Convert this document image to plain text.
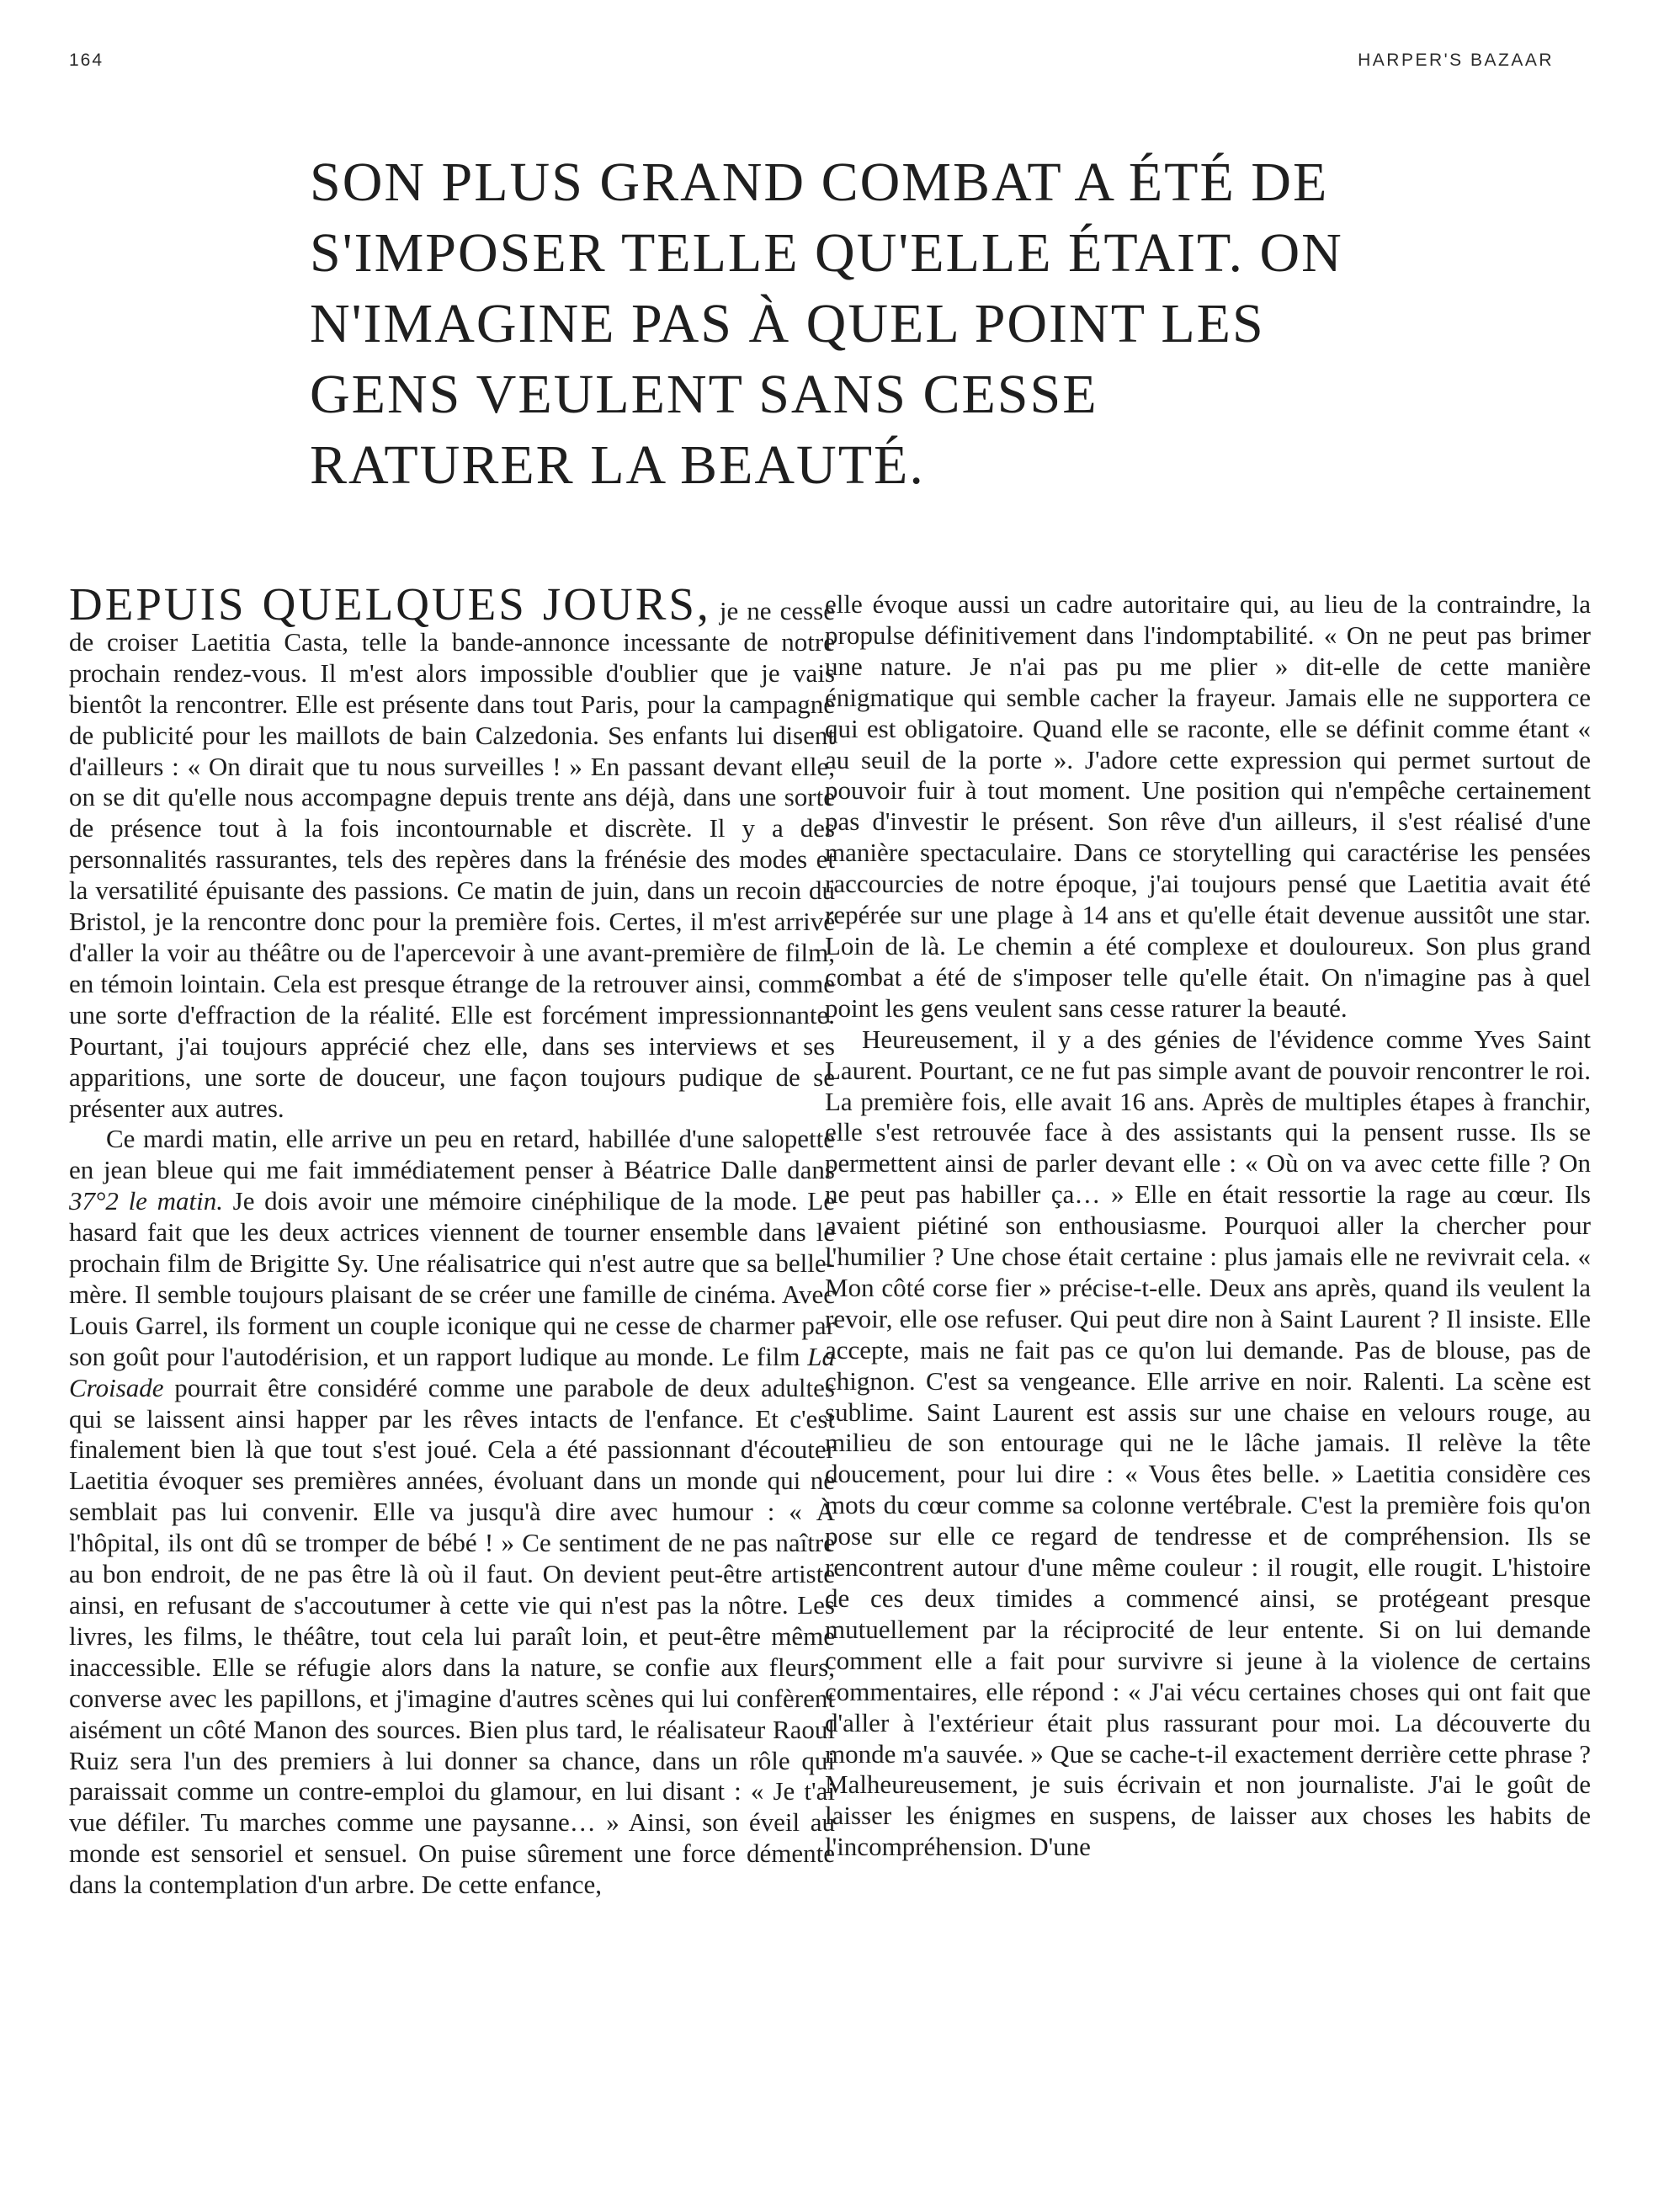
164	HARPER'S BAZAAR
SON PLUS GRAND COMBAT A ÉTÉ DE S'IMPOSER TELLE QU'ELLE ÉTAIT. ON N'IMAGINE PAS À QUEL POINT LES GENS VEULENT SANS CESSE RATURER LA BEAUTÉ.

DEPUIS QUELQUES JOURS, je ne cesse de croiser Laetitia Casta, telle la bande-annonce incessante de notre prochain rendez-vous. Il m'est alors impossible d'oublier que je vais bientôt la rencontrer. Elle est présente dans tout Paris, pour la campagne de publicité pour les maillots de bain Calzedonia. Ses enfants lui disent d'ailleurs : « On dirait que tu nous surveilles ! » En passant devant elle, on se dit qu'elle nous accompagne depuis trente ans déjà, dans une sorte de présence tout à la fois incontournable et discrète. Il y a des personnalités rassurantes, tels des repères dans la frénésie des modes et la versatilité épuisante des passions. Ce matin de juin, dans un recoin du Bristol, je la rencontre donc pour la première fois. Certes, il m'est arrivé d'aller la voir au théâtre ou de l'apercevoir à une avant-première de film, en témoin lointain. Cela est presque étrange de la retrouver ainsi, comme une sorte d'effraction de la réalité. Elle est forcément impressionnante. Pourtant, j'ai toujours apprécié chez elle, dans ses interviews et ses apparitions, une sorte de douceur, une façon toujours pudique de se présenter aux autres.

Ce mardi matin, elle arrive un peu en retard, habillée d'une salopette en jean bleue qui me fait immédiatement penser à Béatrice Dalle dans 37°2 le matin. Je dois avoir une mémoire cinéphilique de la mode. Le hasard fait que les deux actrices viennent de tourner ensemble dans le prochain film de Brigitte Sy. Une réalisatrice qui n'est autre que sa belle-mère. Il semble toujours plaisant de se créer une famille de cinéma. Avec Louis Garrel, ils forment un couple iconique qui ne cesse de charmer par son goût pour l'autodérision, et un rapport ludique au monde. Le film La Croisade pourrait être considéré comme une parabole de deux adultes qui se laissent ainsi happer par les rêves intacts de l'enfance. Et c'est finalement bien là que tout s'est joué. Cela a été passionnant d'écouter Laetitia évoquer ses premières années, évoluant dans un monde qui ne semblait pas lui convenir. Elle va jusqu'à dire avec humour : « À l'hôpital, ils ont dû se tromper de bébé ! » Ce sentiment de ne pas naître au bon endroit, de ne pas être là où il faut. On devient peut-être artiste ainsi, en refusant de s'accoutumer à cette vie qui n'est pas la nôtre. Les livres, les films, le théâtre, tout cela lui paraît loin, et peut-être même inaccessible. Elle se réfugie alors dans la nature, se confie aux fleurs, converse avec les papillons, et j'imagine d'autres scènes qui lui confèrent aisément un côté Manon des sources. Bien plus tard, le réalisateur Raoul Ruiz sera l'un des premiers à lui donner sa chance, dans un rôle qui paraissait comme un contre-emploi du glamour, en lui disant : « Je t'ai vue défiler. Tu marches comme une paysanne… » Ainsi, son éveil au monde est sensoriel et sensuel. On puise sûrement une force démente dans la contemplation d'un arbre. De cette enfance,

elle évoque aussi un cadre autoritaire qui, au lieu de la contraindre, la propulse définitivement dans l'indomptabilité. « On ne peut pas brimer une nature. Je n'ai pas pu me plier » dit-elle de cette manière énigmatique qui semble cacher la frayeur. Jamais elle ne supportera ce qui est obligatoire. Quand elle se raconte, elle se définit comme étant « au seuil de la porte ». J'adore cette expression qui permet surtout de pouvoir fuir à tout moment. Une position qui n'empêche certainement pas d'investir le présent. Son rêve d'un ailleurs, il s'est réalisé d'une manière spectaculaire. Dans ce storytelling qui caractérise les pensées raccourcies de notre époque, j'ai toujours pensé que Laetitia avait été repérée sur une plage à 14 ans et qu'elle était devenue aussitôt une star. Loin de là. Le chemin a été complexe et douloureux. Son plus grand combat a été de s'imposer telle qu'elle était. On n'imagine pas à quel point les gens veulent sans cesse raturer la beauté.

Heureusement, il y a des génies de l'évidence comme Yves Saint Laurent. Pourtant, ce ne fut pas simple avant de pouvoir rencontrer le roi. La première fois, elle avait 16 ans. Après de multiples étapes à franchir, elle s'est retrouvée face à des assistants qui la pensent russe. Ils se permettent ainsi de parler devant elle : « Où on va avec cette fille ? On ne peut pas habiller ça… » Elle en était ressortie la rage au cœur. Ils avaient piétiné son enthousiasme. Pourquoi aller la chercher pour l'humilier ? Une chose était certaine : plus jamais elle ne revivrait cela. « Mon côté corse fier » précise-t-elle. Deux ans après, quand ils veulent la revoir, elle ose refuser. Qui peut dire non à Saint Laurent ? Il insiste. Elle accepte, mais ne fait pas ce qu'on lui demande. Pas de blouse, pas de chignon. C'est sa vengeance. Elle arrive en noir. Ralenti. La scène est sublime. Saint Laurent est assis sur une chaise en velours rouge, au milieu de son entourage qui ne le lâche jamais. Il relève la tête doucement, pour lui dire : « Vous êtes belle. » Laetitia considère ces mots du cœur comme sa colonne vertébrale. C'est la première fois qu'on pose sur elle ce regard de tendresse et de compréhension. Ils se rencontrent autour d'une même couleur : il rougit, elle rougit. L'histoire de ces deux timides a commencé ainsi, se protégeant presque mutuellement par la réciprocité de leur entente. Si on lui demande comment elle a fait pour survivre si jeune à la violence de certains commentaires, elle répond : « J'ai vécu certaines choses qui ont fait que d'aller à l'extérieur était plus rassurant pour moi. La découverte du monde m'a sauvée. » Que se cache-t-il exactement derrière cette phrase ? Malheureusement, je suis écrivain et non journaliste. J'ai le goût de laisser les énigmes en suspens, de laisser aux choses les habits de l'incompréhension. D'une
